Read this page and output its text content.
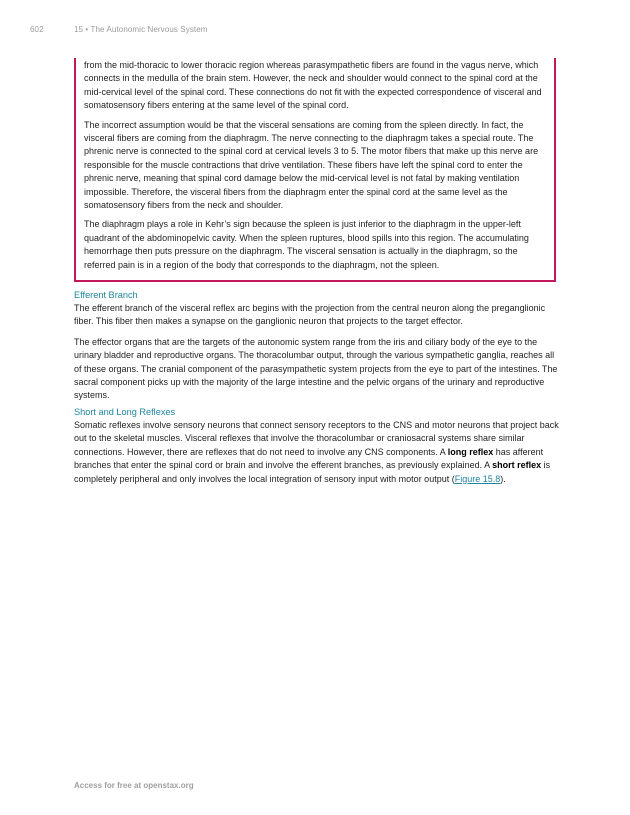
602	15 • The Autonomic Nervous System

from the mid-thoracic to lower thoracic region whereas parasympathetic fibers are found in the vagus nerve, which connects in the medulla of the brain stem. However, the neck and shoulder would connect to the spinal cord at the mid-cervical level of the spinal cord. These connections do not fit with the expected correspondence of visceral and somatosensory fibers entering at the same level of the spinal cord.

The incorrect assumption would be that the visceral sensations are coming from the spleen directly. In fact, the visceral fibers are coming from the diaphragm. The nerve connecting to the diaphragm takes a special route. The phrenic nerve is connected to the spinal cord at cervical levels 3 to 5. The motor fibers that make up this nerve are responsible for the muscle contractions that drive ventilation. These fibers have left the spinal cord to enter the phrenic nerve, meaning that spinal cord damage below the mid-cervical level is not fatal by making ventilation impossible. Therefore, the visceral fibers from the diaphragm enter the spinal cord at the same level as the somatosensory fibers from the neck and shoulder.

The diaphragm plays a role in Kehr’s sign because the spleen is just inferior to the diaphragm in the upper-left quadrant of the abdominopelvic cavity. When the spleen ruptures, blood spills into this region. The accumulating hemorrhage then puts pressure on the diaphragm. The visceral sensation is actually in the diaphragm, so the referred pain is in a region of the body that corresponds to the diaphragm, not the spleen.

Efferent Branch

The efferent branch of the visceral reflex arc begins with the projection from the central neuron along the preganglionic fiber. This fiber then makes a synapse on the ganglionic neuron that projects to the target effector.

The effector organs that are the targets of the autonomic system range from the iris and ciliary body of the eye to the urinary bladder and reproductive organs. The thoracolumbar output, through the various sympathetic ganglia, reaches all of these organs. The cranial component of the parasympathetic system projects from the eye to part of the intestines. The sacral component picks up with the majority of the large intestine and the pelvic organs of the urinary and reproductive systems.

Short and Long Reflexes

Somatic reflexes involve sensory neurons that connect sensory receptors to the CNS and motor neurons that project back out to the skeletal muscles. Visceral reflexes that involve the thoracolumbar or craniosacral systems share similar connections. However, there are reflexes that do not need to involve any CNS components. A long reflex has afferent branches that enter the spinal cord or brain and involve the efferent branches, as previously explained. A short reflex is completely peripheral and only involves the local integration of sensory input with motor output (Figure 15.8).

Access for free at openstax.org
